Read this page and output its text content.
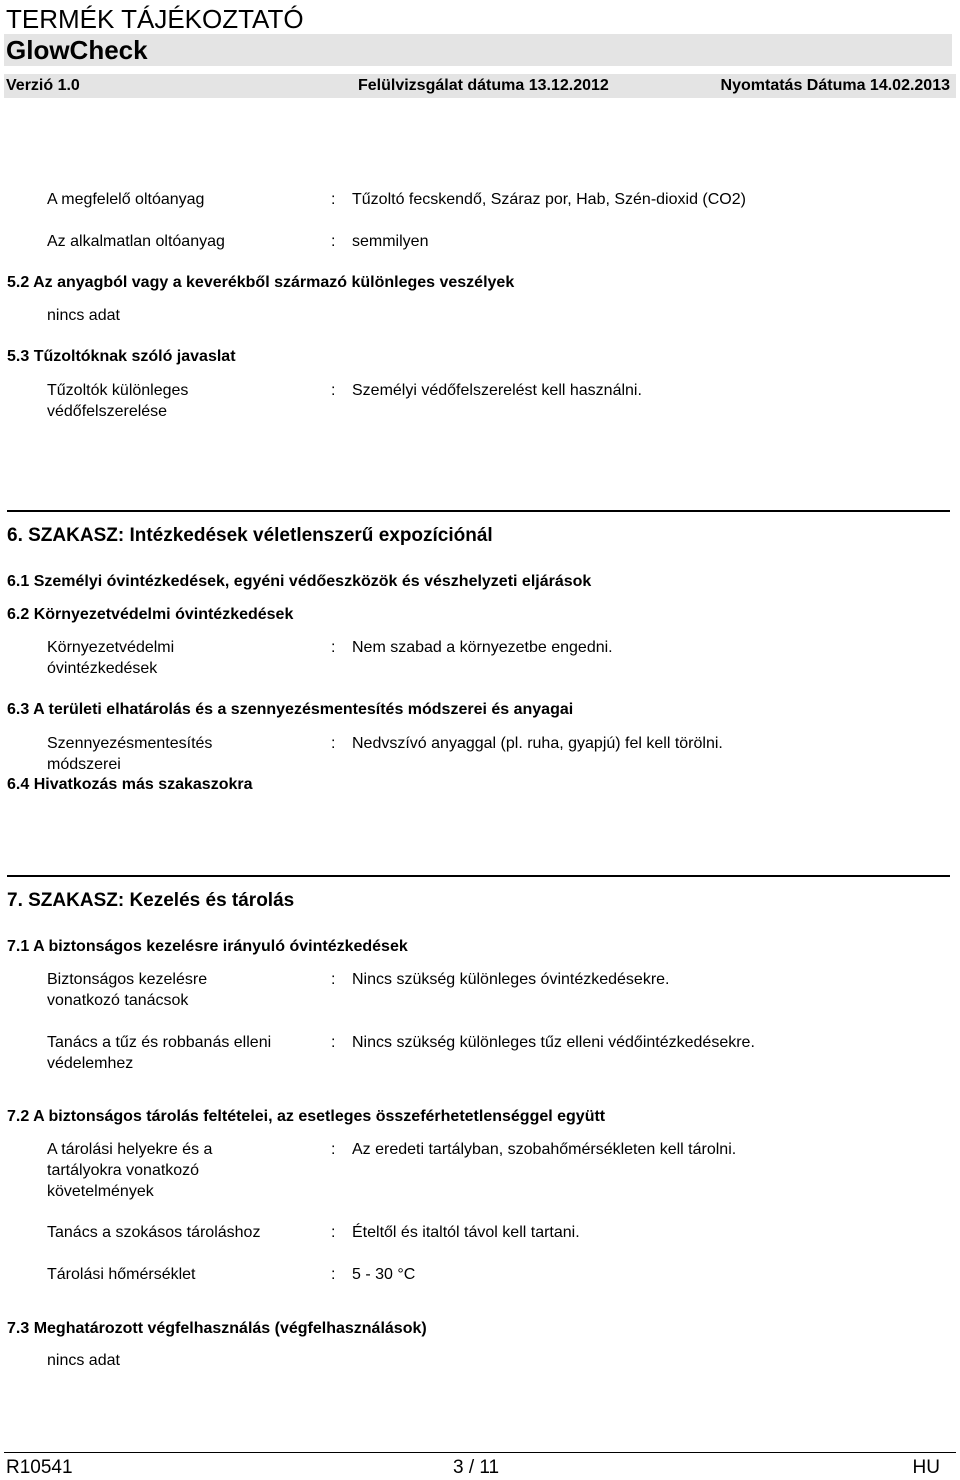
TERMÉK TÁJÉKOZTATÓ
GlowCheck
Verzió 1.0	Felülvizsgálat dátuma 13.12.2012	Nyomtatás Dátuma 14.02.2013
A megfelelő oltóanyag	: Tűzoltó fecskendő, Száraz por, Hab, Szén-dioxid (CO2)
Az alkalmatlan oltóanyag	: semmilyen
5.2 Az anyagból vagy a keverékből származó különleges veszélyek
nincs adat
5.3 Tűzoltóknak szóló javaslat
Tűzoltók különleges
védőfelszerelése
: Személyi védőfelszerelést kell használni.
6. SZAKASZ: Intézkedések véletlenszerű expozíciónál
6.1 Személyi óvintézkedések, egyéni védőeszközök és vészhelyzeti eljárások
6.2 Környezetvédelmi óvintézkedések
Környezetvédelmi
óvintézkedések
: Nem szabad a környezetbe engedni.
6.3 A területi elhatárolás és a szennyezésmentesítés módszerei és anyagai
Szennyezésmentesítés
módszerei
: Nedvszívó anyaggal (pl. ruha, gyapjú) fel kell törölni.
6.4 Hivatkozás más szakaszokra
7. SZAKASZ: Kezelés és tárolás
7.1 A biztonságos kezelésre irányuló óvintézkedések
Biztonságos kezelésre
vonatkozó tanácsok
: Nincs szükség különleges óvintézkedésekre.
Tanács a tűz és robbanás elleni
védelemhez
: Nincs szükség különleges tűz elleni védőintézkedésekre.
7.2 A biztonságos tárolás feltételei, az esetleges összeférhetetlenséggel együtt
A tárolási helyekre és a
tartályokra vonatkozó
követelmények
: Az eredeti tartályban, szobahőmérsékleten kell tárolni.
Tanács a szokásos tároláshoz	: Ételtől és italtól távol kell tartani.
Tárolási hőmérséklet	: 5 - 30 °C
7.3 Meghatározott végfelhasználás (végfelhasználások)
nincs adat
R10541	3 / 11	HU
